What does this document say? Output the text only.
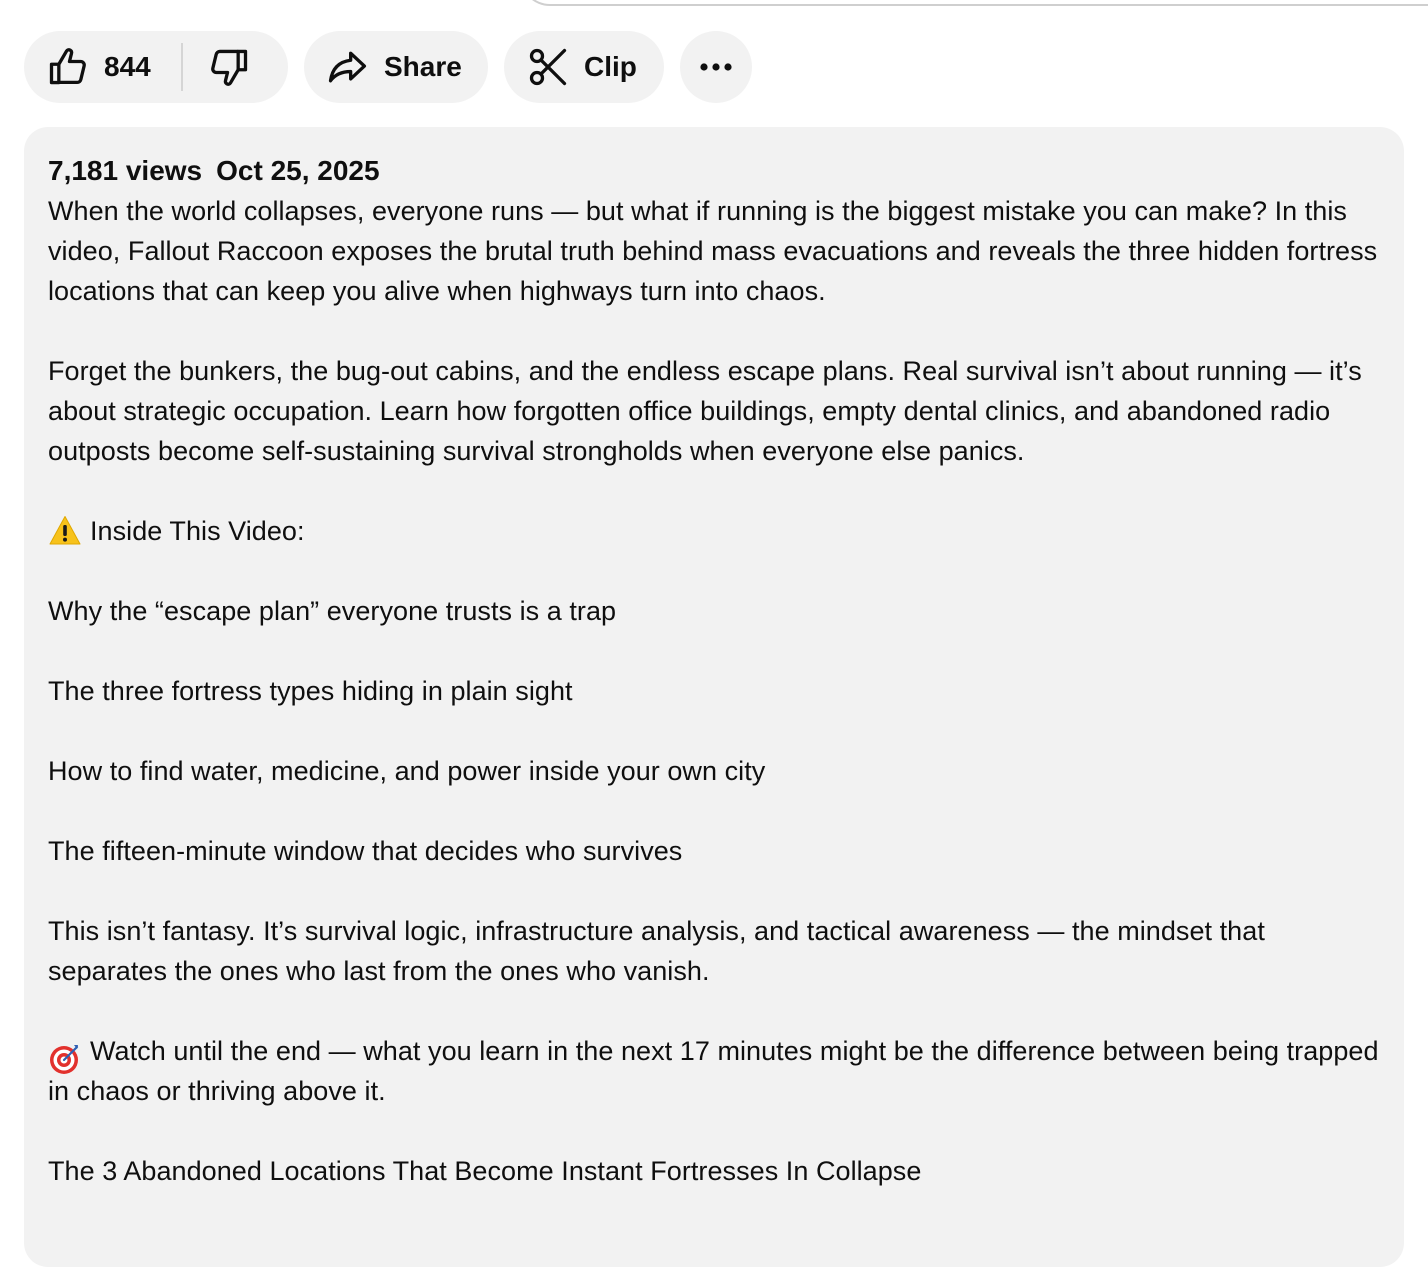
844	Share	Clip
7,181 views Oct 25, 2025

When the world collapses, everyone runs — but what if running is the biggest mistake you can make? In this video, Fallout Raccoon exposes the brutal truth behind mass evacuations and reveals the three hidden fortress locations that can keep you alive when highways turn into chaos.

Forget the bunkers, the bug-out cabins, and the endless escape plans. Real survival isn’t about running — it’s about strategic occupation. Learn how forgotten office buildings, empty dental clinics, and abandoned radio outposts become self-sustaining survival strongholds when everyone else panics.

Inside This Video:

Why the “escape plan” everyone trusts is a trap

The three fortress types hiding in plain sight

How to find water, medicine, and power inside your own city

The fifteen-minute window that decides who survives

This isn’t fantasy. It’s survival logic, infrastructure analysis, and tactical awareness — the mindset that separates the ones who last from the ones who vanish.

Watch until the end — what you learn in the next 17 minutes might be the difference between being trapped in chaos or thriving above it.

The 3 Abandoned Locations That Become Instant Fortresses In Collapse
